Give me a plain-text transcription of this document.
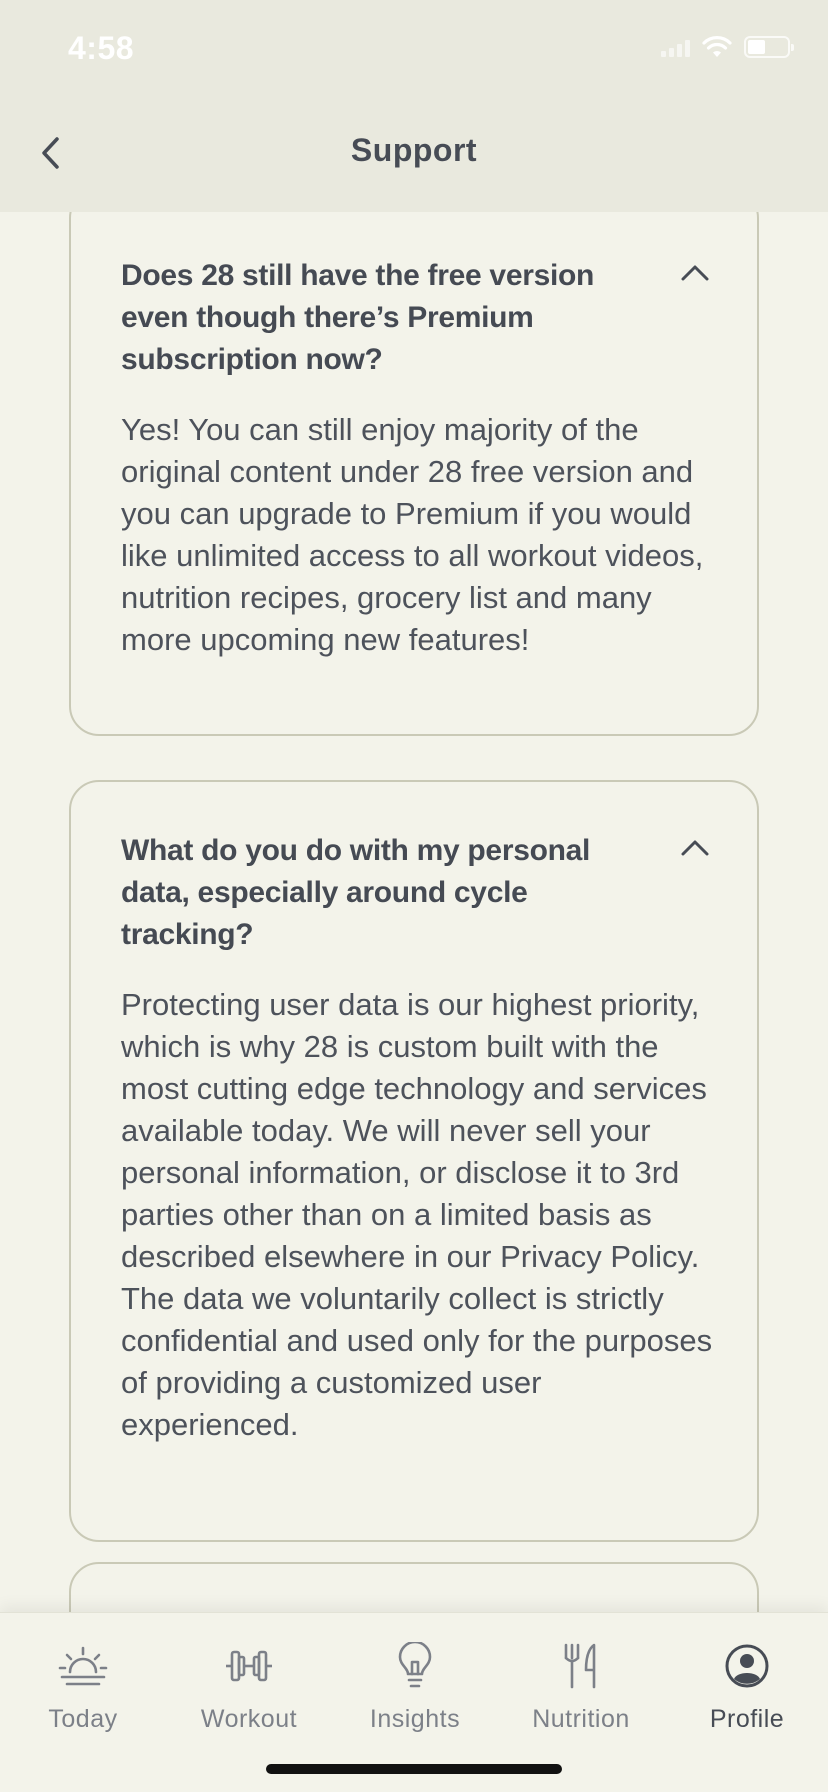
4:58
Support
Does 28 still have the free version even though there’s Premium subscription now?
Yes! You can still enjoy majority of the original content under 28 free version and you can upgrade to Premium if you would like unlimited access to all workout videos, nutrition recipes, grocery list and many more upcoming new features!
What do you do with my personal data, especially around cycle tracking?
Protecting user data is our highest priority, which is why 28 is custom built with the most cutting edge technology and services available today. We will never sell your personal information, or disclose it to 3rd parties other than on a limited basis as described elsewhere in our Privacy Policy. The data we voluntarily collect is strictly confidential and used only for the purposes of providing a customized user experienced.
Today	Workout	Insights	Nutrition	Profile
